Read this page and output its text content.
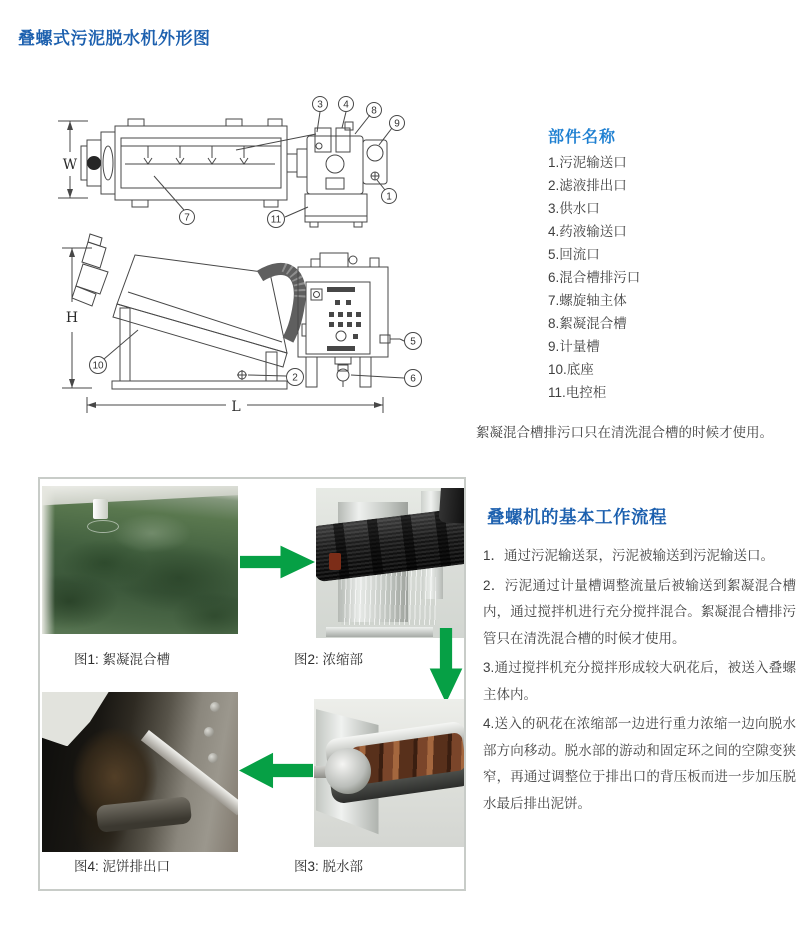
叠螺式污泥脱水机外形图
W
3 4
8
9
1
7	11
H
L
10
2
5
6
部件名称
1.污泥输送口
2.滤液排出口
3.供水口
4.药液输送口
5.回流口
6.混合槽排污口
7.螺旋轴主体
8.絮凝混合槽
9.计量槽
10.底座
11.电控柜
絮凝混合槽排污口只在清洗混合槽的时候才使用。
图1: 絮凝混合槽	图2: 浓缩部
图4: 泥饼排出口	图3: 脱水部
叠螺机的基本工作流程

1．通过污泥输送泵，污泥被输送到污泥输送口。

2．污泥通过计量槽调整流量后被输送到絮凝混合槽内，通过搅拌机进行充分搅拌混合。絮凝混合槽排污管只在清洗混合槽的时候才使用。

3.通过搅拌机充分搅拌形成较大矾花后，被送入叠螺主体内。

4.送入的矾花在浓缩部一边进行重力浓缩一边向脱水部方向移动。脱水部的游动和固定环之间的空隙变狭窄，再通过调整位于排出口的背压板而进一步加压脱水最后排出泥饼。
